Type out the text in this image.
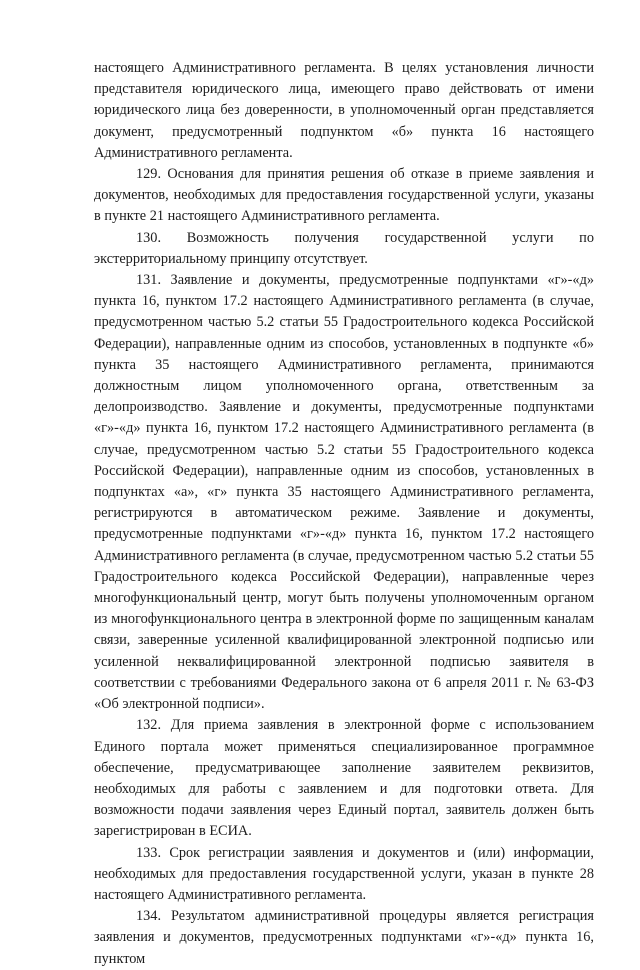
настоящего Административного регламента. В целях установления личности представителя юридического лица, имеющего право действовать от имени юридического лица без доверенности, в уполномоченный орган представляется документ, предусмотренный подпунктом «б» пункта 16 настоящего Административного регламента.

129. Основания для принятия решения об отказе в приеме заявления и документов, необходимых для предоставления государственной услуги, указаны в пункте 21 настоящего Административного регламента.

130. Возможность получения государственной услуги по экстерриториальному принципу отсутствует.

131. Заявление и документы, предусмотренные подпунктами «г»-«д» пункта 16, пунктом 17.2 настоящего Административного регламента (в случае, предусмотренном частью 5.2 статьи 55 Градостроительного кодекса Российской Федерации), направленные одним из способов, установленных в подпункте «б» пункта 35 настоящего Административного регламента, принимаются должностным лицом уполномоченного органа, ответственным за делопроизводство. Заявление и документы, предусмотренные подпунктами «г»-«д» пункта 16, пунктом 17.2 настоящего Административного регламента (в случае, предусмотренном частью 5.2 статьи 55 Градостроительного кодекса Российской Федерации), направленные одним из способов, установленных в подпунктах «а», «г» пункта 35 настоящего Административного регламента, регистрируются в автоматическом режиме. Заявление и документы, предусмотренные подпунктами «г»-«д» пункта 16, пунктом 17.2 настоящего Административного регламента (в случае, предусмотренном частью 5.2 статьи 55 Градостроительного кодекса Российской Федерации), направленные через многофункциональный центр, могут быть получены уполномоченным органом из многофункционального центра в электронной форме по защищенным каналам связи, заверенные усиленной квалифицированной электронной подписью или усиленной неквалифицированной электронной подписью заявителя в соответствии с требованиями Федерального закона от 6 апреля 2011 г. № 63-ФЗ «Об электронной подписи».

132. Для приема заявления в электронной форме с использованием Единого портала может применяться специализированное программное обеспечение, предусматривающее заполнение заявителем реквизитов, необходимых для работы с заявлением и для подготовки ответа. Для возможности подачи заявления через Единый портал, заявитель должен быть зарегистрирован в ЕСИА.

133. Срок регистрации заявления и документов и (или) информации, необходимых для предоставления государственной услуги, указан в пункте 28 настоящего Административного регламента.

134. Результатом административной процедуры является регистрация заявления и документов, предусмотренных подпунктами «г»-«д» пункта 16, пунктом
